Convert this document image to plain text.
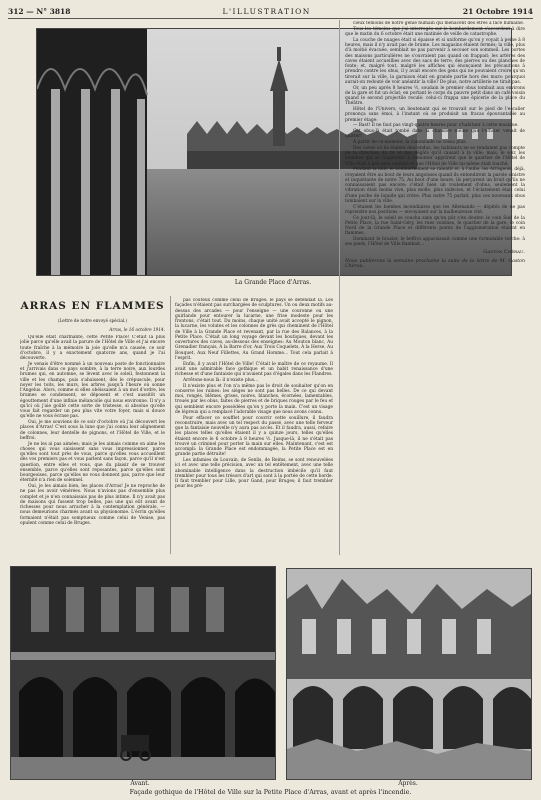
312 — N° 3818	L'ILLUSTRATION	21 Octobre 1914
La Grande Place d'Arras.
ARRAS EN FLAMMES
(Lettre de notre envoyé spécial.)
Arras, le 16 octobre 1914.

Qu'elle était charmante, cette Petite Place! C'était la plus jolie parce qu'elle avait la parure de l'Hôtel de Ville et j'ai encore toute fraîche à la mémoire la joie qu'elle m'a causée, ce soir d'octobre, il y a exactement quatorze ans, quand je l'ai découverte.

Je venais d'être nommé à un nouveau poste de fonctionnaire et j'arrivais dans ce pays sombre, à la terre noire, aux lourdes brumes qui, en automne, se lèvent avec le soleil, festonnent la ville et les champs, puis s'abaissent, dès le crépuscule, pour noyer les toits, les murs, les arbres jusqu'à l'heure où sonne l'Angelus. Alors, comme si elles obéissaient à un mot d'ordre, les brumes se condensent, se déposent et c'est aussitôt un égouttement d'une infinie mélancolie qui nous environne. Il n'y a qu'ici où j'aie goûté cette sorte de tristesse, si absolue qu'elle vous fait regarder un peu plus vite votre foyer, mais si douce qu'elle ne vous écrase pas.

Oui, je me souviens de ce soir d'octobre où j'ai découvert les places d'Arras! C'est sous la lune que j'ai connu leur alignement de colonnes, leur dentelle de pignons, et l'Hôtel de Ville, et le beffroi.

Je ne les ai pas aimées; mais je les aimais comme on aime les choses qui vous saisissent sans vous impressionner, parce qu'elles sont tout près de vous, parce qu'elles vous accueillent dès vos premiers pas et vous parlent sans façon, parce qu'il n'est question, entre elles et vous, que du plaisir de se trouver ensemble, parce qu'elles sont reposantes, parce qu'elles sont bourgeoises, parce qu'elles ne vous donnent pas, parce que leur éternité n'a rien de solennel.

Oui, je les aimais bien, les places d'Arras! Je ne reproche de ne pas les avoir vénérées. Nous n'avions pas d'ensemble plus complet et je n'en connaissais pas de plus intime. Il n'y avait pas de maisons qui fussent trop belles, pas une qui eût avant de richesses pour nous arracher à la contemplation générale, — nous demeurions charmés avant sa physionomie. L'écrin qu'elles formaient n'était pas somptueux comme celui de Venise, pas opulent comme celui de Bruges.

pas coûteux comme celui de Bruges: le pays se défendait là. Les façades n'étaient pas surchargées de sculptures. Un ou deux motifs au-dessus des arcades — pour l'enseigne — une couronne ou une guirlande pour entourer la lucarne, une frise modeste pour les frontons, c'était tout. Du moins, chaque unité avait accepté le pignon, la lucarne, les volutes et les colonnes de grès qui cheminent de l'Hôtel de Ville à la Grande Place et revenant, par la rue des Balances, à la Petite Place. C'était un long voyage devant les boutiques, devant les ouvertures des caves, au-dessous des enseignes: Au Mouton blanc, Au Grenadier français, À la Barre d'or, Aux Trois Coquelets, À la Herse, Au Bouquet, Aux Neuf Fillettes, Au Grand Homme... Tout cela parlait à l'esprit.

Enfin, il y avait l'Hôtel de Ville! C'était le maître de ce royaume. Il avait une admirable face gothique et un habit renaissance d'une richesse et d'une fantaisie qui n'avaient pas d'égales dans les Flandres.

Arrêtons-nous là: il n'existe plus...

Il n'existe plus et l'on n'a même pas le droit de souhaiter qu'on en conserve les ruines: les sièges ne sont pas belles. De ce qui devant moi, rongés, blêmes, grises, noires, blanches, écornées, lamentables, troués par les obus, faites de pierres et de briques rouges par le feu et qui semblent encore possédées qu'on y porte la main. C'est un visage de lépreux qui a remplacé l'adorable visage que nous avons connu.

Pour effacer ce soufflet pour couvrir cette souillure, il faudra reconstruire, mais avec un tel respect du passé, avec une telle ferveur que la fantaisie nouvelle n'y aura pas accès. Et il faudra, aussi, refaire les places telles qu'elles étaient il y a quinze jours, telles qu'elles étaient encore le 6 octobre à 8 heures ½. Jusque-là, il ne s'était pas trouvé un criminel pour porter la main sur elles. Maintenant, c'est est accompli: la Grande Place est endommagée, la Petite Place est en grande partie détruite!

Les infamies de Louvain, de Senlis, de Reims, se sont renouvelées ici et avec une telle précision, avec un tel entêtement, avec une telle abominable intelligence dans la destruction imbécile qu'il faut trembler pour tous les trésors d'art qui sont à la portée de cette horde. Il faut trembler pour Lille, pour Gand, pour Bruges; il faut trembler pour les pré-

cieux témoins de notre génie humain qui menacent des êtres à face humaine.

Tous les témoins que j'ai interrogés sur le bombardement s'accordent à dire que le matin du 6 octobre était une matinée de veille de catastrophe.

La couche de nuages était si épaisse et si uniforme qu'on y voyait à peine à 8 heures, mais il n'y avait pas de brume. Les magasins étaient fermés; la ville, plus d'à moitié évacuée, semblait ne pas parvenir à secouer son sommeil. Les portes des maisons particulières ne s'ouvraient pas quand on frappait; les artères des caves étaient accueillies avec des sacs de terre, des pierres ou des planches de fonte; et, malgré tout, malgré les affiches qui énonçaient les précautions à prendre contre les obus, il y avait encore des gens qui ne pouvaient croire qu'on tirerait sur la ville, la garnison était en grande partie hors des murs: pourquoi aurait-on redouté de voir anéantir la ville? De plus, notre artillerie ne tirait pas.

Or, un peu après 8 heures ½, soudain le premier obus tombait aux environs de la gare et fut un éclat; en portant le corps du pauvre petit dans un café voisin quand le second projectile reculé: celui-ci frappa une épicerie de la place du Théâtre.

Hôtel de l'Univers, un lieutenant qui se trouvait sur le pied de l'escalier prononça sans émoi, à l'instant où se produisit un fracas épouvantable au premier étage:

— Bast! Il ne faut pas vingt-quatre heures pour s'habituer à cette musique.

Cet obus-là était tombé dans la chambre même que l'officier venait de quitter!

À partir de ce moment, la canonnade ne cessa plus.

Des caves où ils étaient descendus, les habitants ne se rendaient pas compte de la direction du tir et des dégâts qu'il causait à la ville; mais, le soir, les hommes qui se risquèrent à remonter apprirent que le quartier de l'Hôtel de Ville était à peu près anéanti et que l'Hôtel de Ville lui-même était touché.

Pendant la nuit, le bombardement se ralentit et, à l'aube, les Arrageois, déjà, croyaient être au bout de leurs angoisses quand ils entendirent la parole sinistre et inquiétante de notre 75. Au bout d'une heure, ils perçurent un bruit qu'ils ne connaissaient pas encore: c'était bien un roulement d'obus, seulement la vibration était moins vive, plus molle, plus indécise, et l'éclatement était celui d'une poche de liquide qui crève. Plus notre 75 parlait, plus ces nouveaux obus tombaient sur la ville.

C'étaient les bombes incendiaires que les Allemands — dépités de ne pas reprendre nos positions — envoyaient sur la malheureuse cité.

Ce jour-là, le soleil se coucha sans qu'on pût s'en douter: le coin Sud de la Petite Place, la rue Saint-Géry, les rues voisines, le quartier de la gare, le coin Nord de la Grande Place et différents points de l'agglomération étaient en flammes.

Dominant le brasier, le beffroi apparaissait comme une formidable torche: à ses pieds, l'Hôtel de Ville flambait...

Gaston Chérau.

Nous publierons la semaine prochaine la suite de la lettre de M. Gaston Chérau.

Avant.	Après.
Façade gothique de l'Hôtel de Ville sur la Petite Place d'Arras, avant et après l'incendie.
